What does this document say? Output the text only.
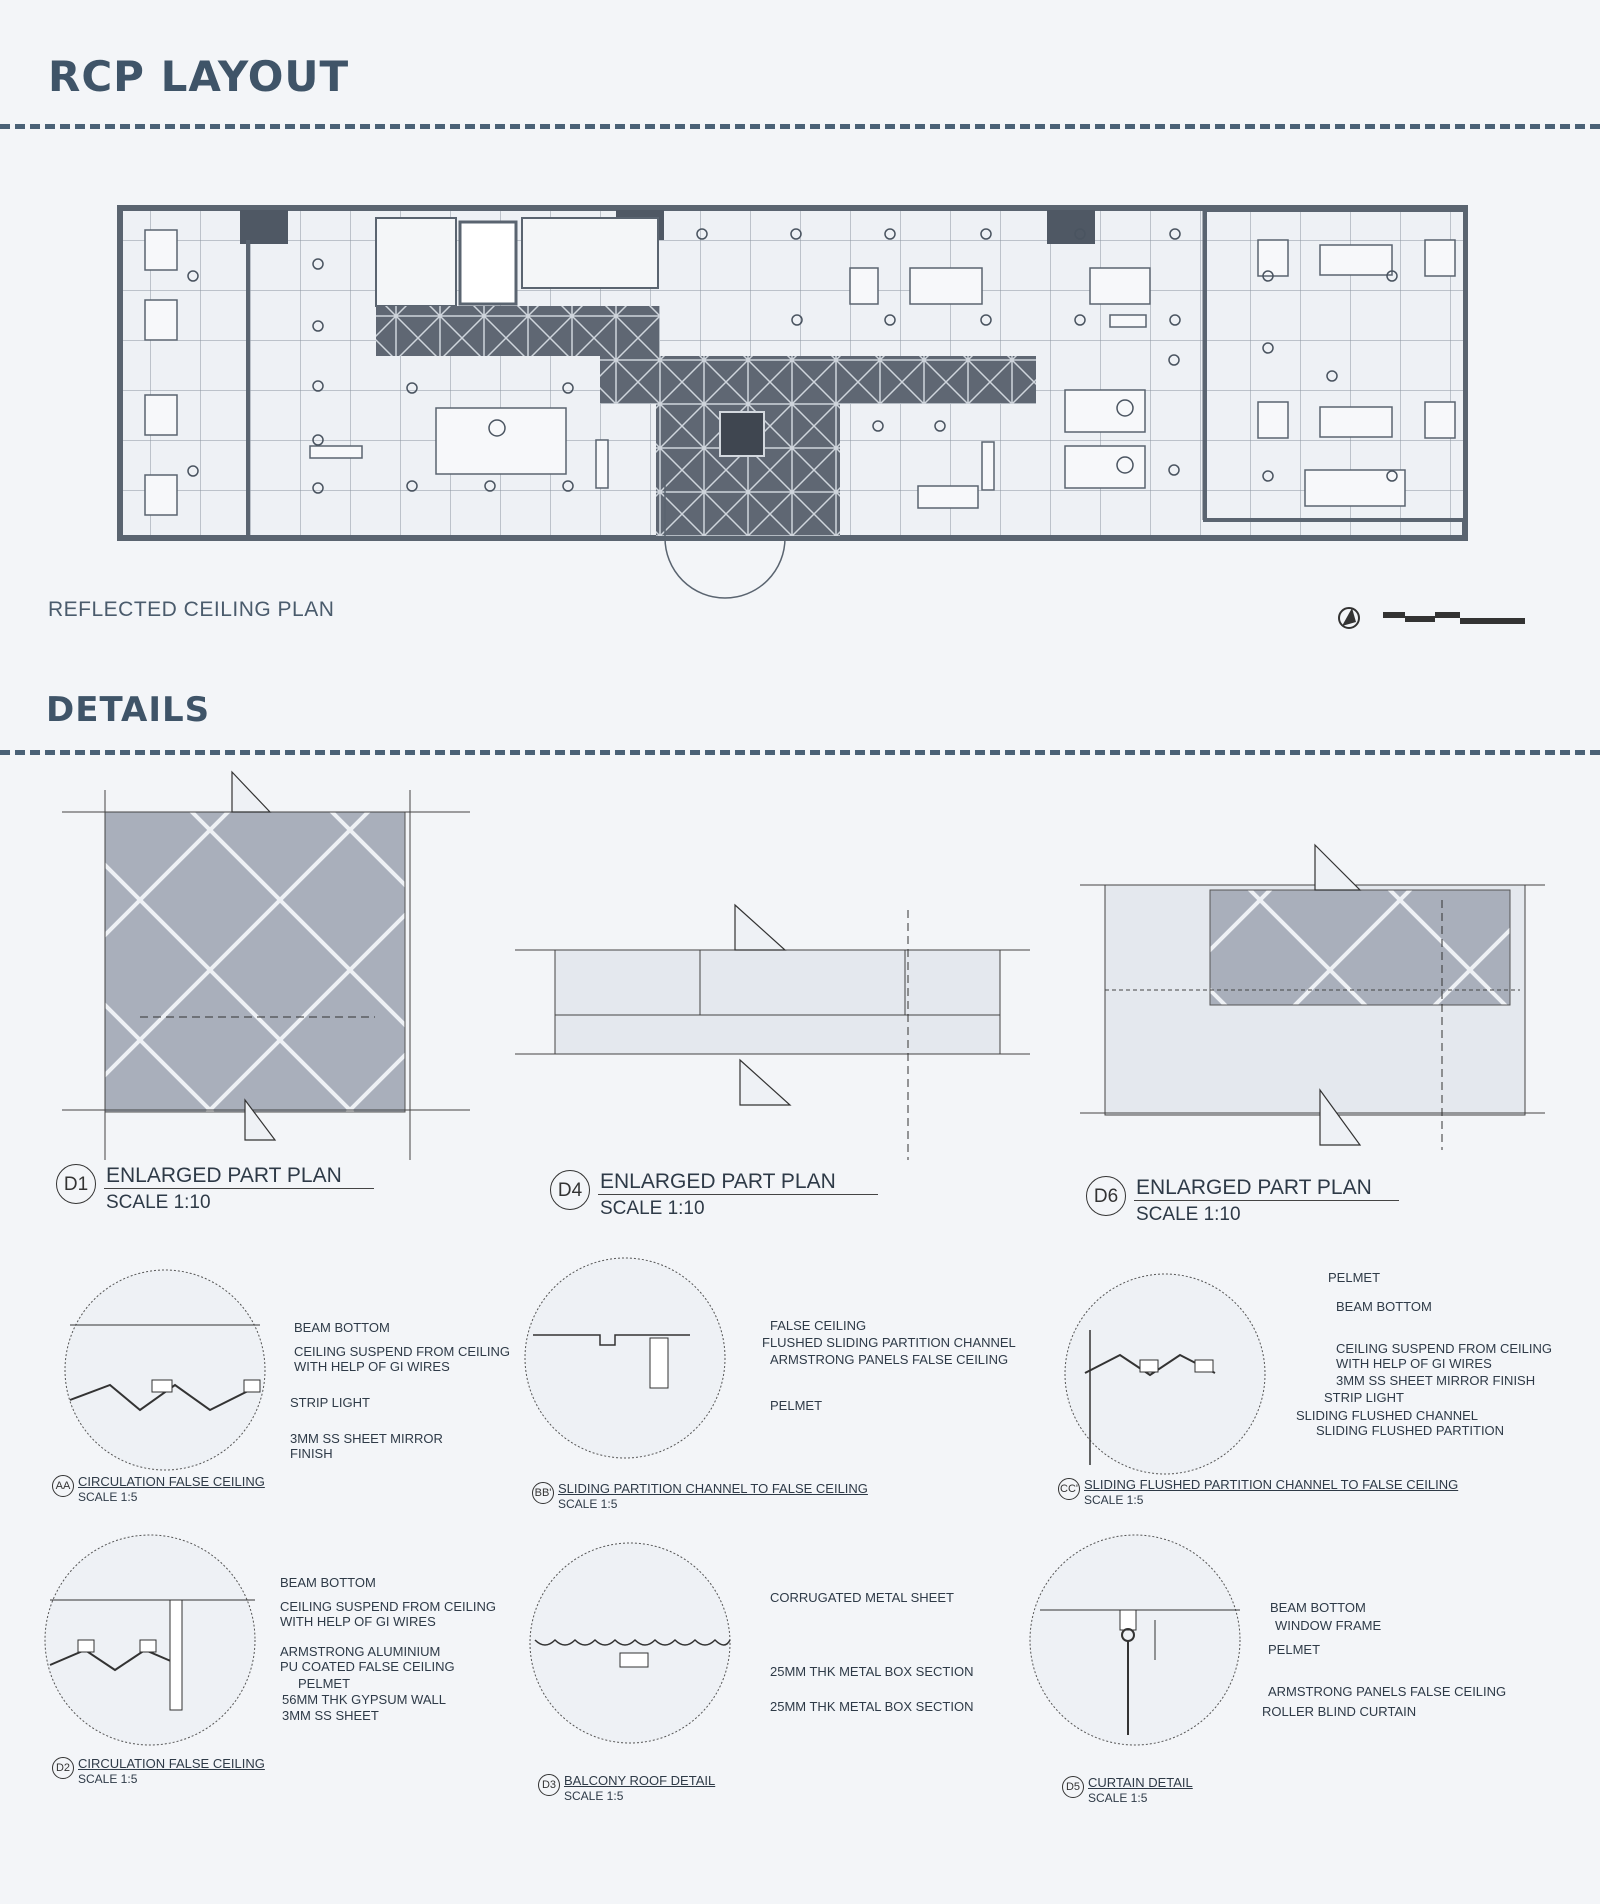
RCP LAYOUT
REFLECTED CEILING PLAN
DETAILS
D1 ENLARGED PART PLAN
SCALE 1:10
D4 ENLARGED PART PLAN
SCALE 1:10
D6 ENLARGED PART PLAN
SCALE 1:10
BEAM BOTTOM
CEILING SUSPEND FROM CEILING
WITH HELP OF GI WIRES
STRIP LIGHT
3MM SS SHEET MIRROR
FINISH
AA CIRCULATION FALSE CEILING
SCALE 1:5
FALSE CEILING
FLUSHED SLIDING PARTITION CHANNEL
ARMSTRONG PANELS FALSE CEILING
PELMET
BB' SLIDING PARTITION CHANNEL TO FALSE CEILING
SCALE 1:5
PELMET
BEAM BOTTOM
CEILING SUSPEND FROM CEILING
WITH HELP OF GI WIRES
3MM SS SHEET MIRROR FINISH
STRIP LIGHT
SLIDING FLUSHED CHANNEL
SLIDING FLUSHED PARTITION
CC' SLIDING FLUSHED PARTITION CHANNEL TO FALSE CEILING
SCALE 1:5
BEAM BOTTOM
CEILING SUSPEND FROM CEILING
WITH HELP OF GI WIRES
ARMSTRONG ALUMINIUM
PU COATED FALSE CEILING
PELMET
56MM THK GYPSUM WALL
3MM SS SHEET
D2 CIRCULATION FALSE CEILING
SCALE 1:5
CORRUGATED METAL SHEET
25MM THK METAL BOX SECTION
25MM THK METAL BOX SECTION
D3 BALCONY ROOF DETAIL
SCALE 1:5
BEAM BOTTOM
WINDOW FRAME
PELMET
ARMSTRONG PANELS FALSE CEILING
ROLLER BLIND CURTAIN
D5 CURTAIN DETAIL
SCALE 1:5
